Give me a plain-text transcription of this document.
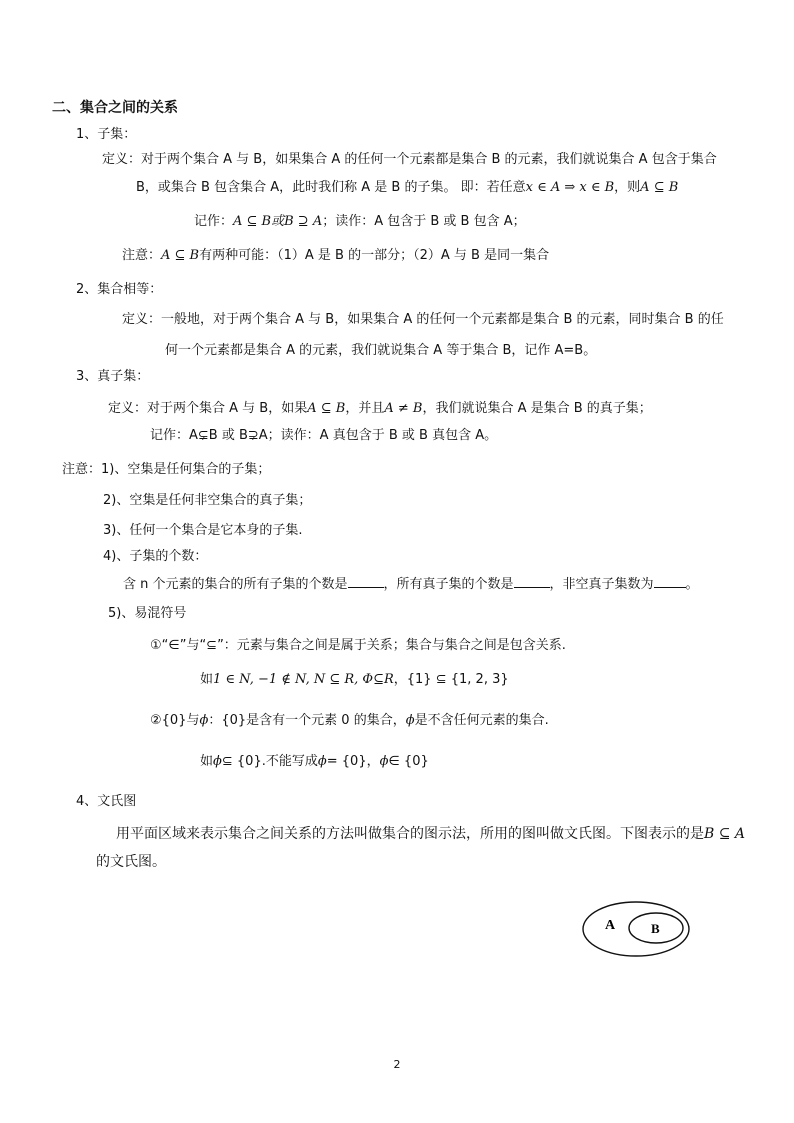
二、集合之间的关系
1、子集：
定义：对于两个集合 A 与 B，如果集合 A 的任何一个元素都是集合 B 的元素，我们就说集合 A 包含于集合
B，或集合 B 包含集合 A，此时我们称 A 是 B 的子集。 即：若任意x ∈ A ⇒ x ∈ B，则A ⊆ B
记作：A ⊆ B或B ⊇ A；读作：A 包含于 B 或 B 包含 A；
注意：A ⊆ B有两种可能：（1）A 是 B 的一部分；（2）A 与 B 是同一集合
2、集合相等：
定义：一般地，对于两个集合 A 与 B，如果集合 A 的任何一个元素都是集合 B 的元素，同时集合 B 的任
何一个元素都是集合 A 的元素，我们就说集合 A 等于集合 B，记作 A=B。
3、真子集：
定义：对于两个集合 A 与 B，如果A ⊆ B，并且A ≠ B，我们就说集合 A 是集合 B 的真子集；
记作：A⊊B 或 B⊋A；读作：A 真包含于 B 或 B 真包含 A。
注意：1)、空集是任何集合的子集；
2)、空集是任何非空集合的真子集；
3)、任何一个集合是它本身的子集.
4)、子集的个数：
含 n 个元素的集合的所有子集的个数是	，所有真子集的个数是	，非空真子集数为 。
5)、易混符号
①“∈”与“⊆”：元素与集合之间是属于关系；集合与集合之间是包含关系.
如1 ∈ N, −1 ∉ N, N ⊆ R, Φ⊆R，{1} ⊆ {1, 2, 3}
②{0}与ϕ：{0}是含有一个元素 0 的集合，ϕ是不含任何元素的集合.
如ϕ⊆ {0}.不能写成ϕ= {0}，ϕ∈ {0}
4、文氏图
用平面区域来表示集合之间关系的方法叫做集合的图示法，所用的图叫做文氏图。下图表示的是B ⊆ A
的文氏图。
A	B
2
